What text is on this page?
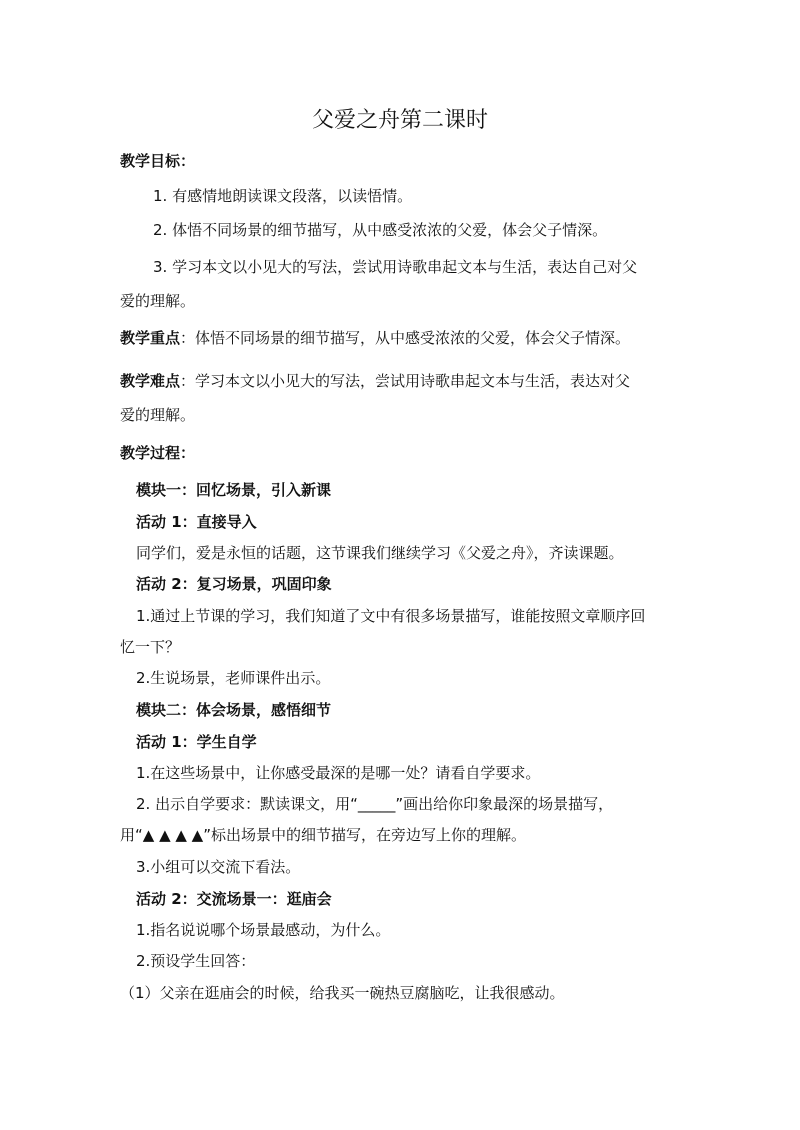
父爱之舟第二课时
教学目标：
1. 有感情地朗读课文段落，以读悟情。
2. 体悟不同场景的细节描写，从中感受浓浓的父爱，体会父子情深。
3. 学习本文以小见大的写法，尝试用诗歌串起文本与生活，表达自己对父
爱的理解。
教学重点：体悟不同场景的细节描写，从中感受浓浓的父爱，体会父子情深。
教学难点：学习本文以小见大的写法，尝试用诗歌串起文本与生活，表达对父
爱的理解。
教学过程：
模块一：回忆场景，引入新课
活动 1：直接导入
同学们，爱是永恒的话题，这节课我们继续学习《父爱之舟》，齐读课题。
活动 2：复习场景，巩固印象
1.通过上节课的学习，我们知道了文中有很多场景描写，谁能按照文章顺序回
忆一下？
2.生说场景，老师课件出示。
模块二：体会场景，感悟细节
活动 1：学生自学
1.在这些场景中，让你感受最深的是哪一处？请看自学要求。
2. 出示自学要求：默读课文，用“_____”画出给你印象最深的场景描写，
用“▲ ▲ ▲ ▲”标出场景中的细节描写，在旁边写上你的理解。
3.小组可以交流下看法。
活动 2：交流场景一：逛庙会
1.指名说说哪个场景最感动，为什么。
2.预设学生回答：
（1）父亲在逛庙会的时候，给我买一碗热豆腐脑吃，让我很感动。
